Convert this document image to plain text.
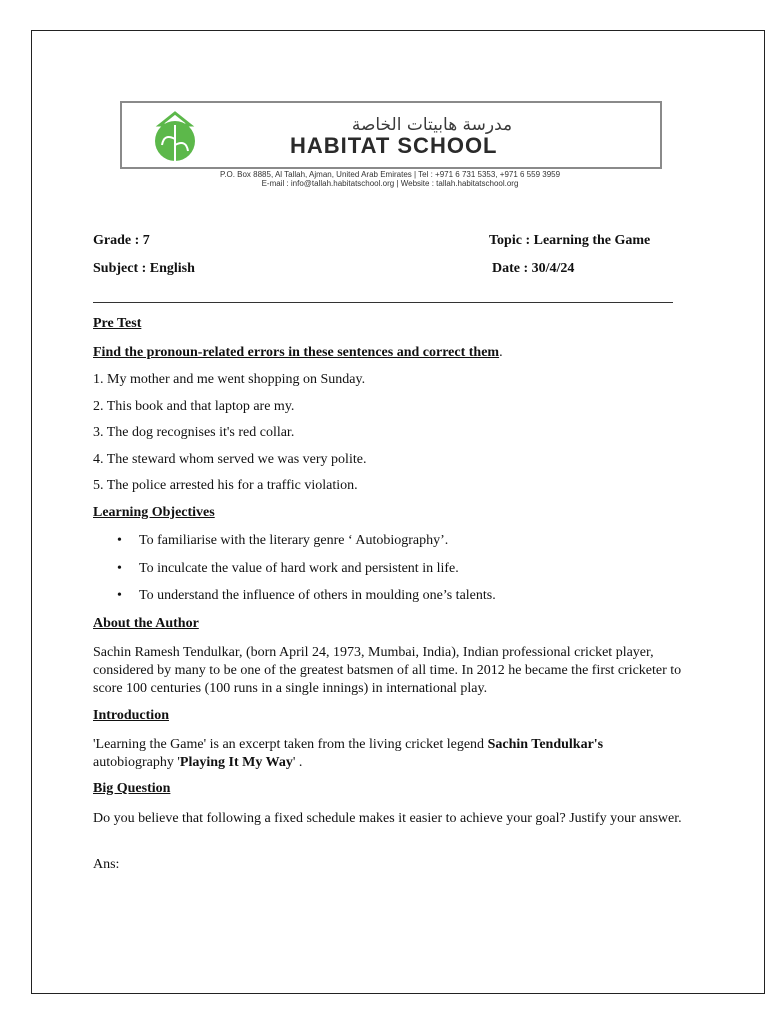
مدرسة هابيتات الخاصة
HABITAT SCHOOL
P.O. Box 8885, Al Tallah, Ajman, United Arab Emirates | Tel : +971 6 731 5353, +971 6 559 3959
E-mail : info@tallah.habitatschool.org | Website : tallah.habitatschool.org
Grade : 7
Subject : English
Topic : Learning the Game
Date : 30/4/24
Pre Test
Find the pronoun-related errors in these sentences and correct them.
1. My mother and me went shopping on Sunday.
2. This book and that laptop are my.
3. The dog recognises it's red collar.
4. The steward whom served we was very polite.
5. The police arrested his for a traffic violation.
Learning Objectives
• To familiarise with the literary genre ‘ Autobiography’.
• To inculcate the value of hard work and persistent in life.
• To understand the influence of others in moulding one’s talents.
About the Author
Sachin Ramesh Tendulkar, (born April 24, 1973, Mumbai, India), Indian professional cricket player, considered by many to be one of the greatest batsmen of all time. In 2012 he became the first cricketer to score 100 centuries (100 runs in a single innings) in international play.
Introduction
'Learning the Game' is an excerpt taken from the living cricket legend Sachin Tendulkar's autobiography 'Playing It My Way' .
Big Question
Do you believe that following a fixed schedule makes it easier to achieve your goal? Justify your answer.
Ans:
